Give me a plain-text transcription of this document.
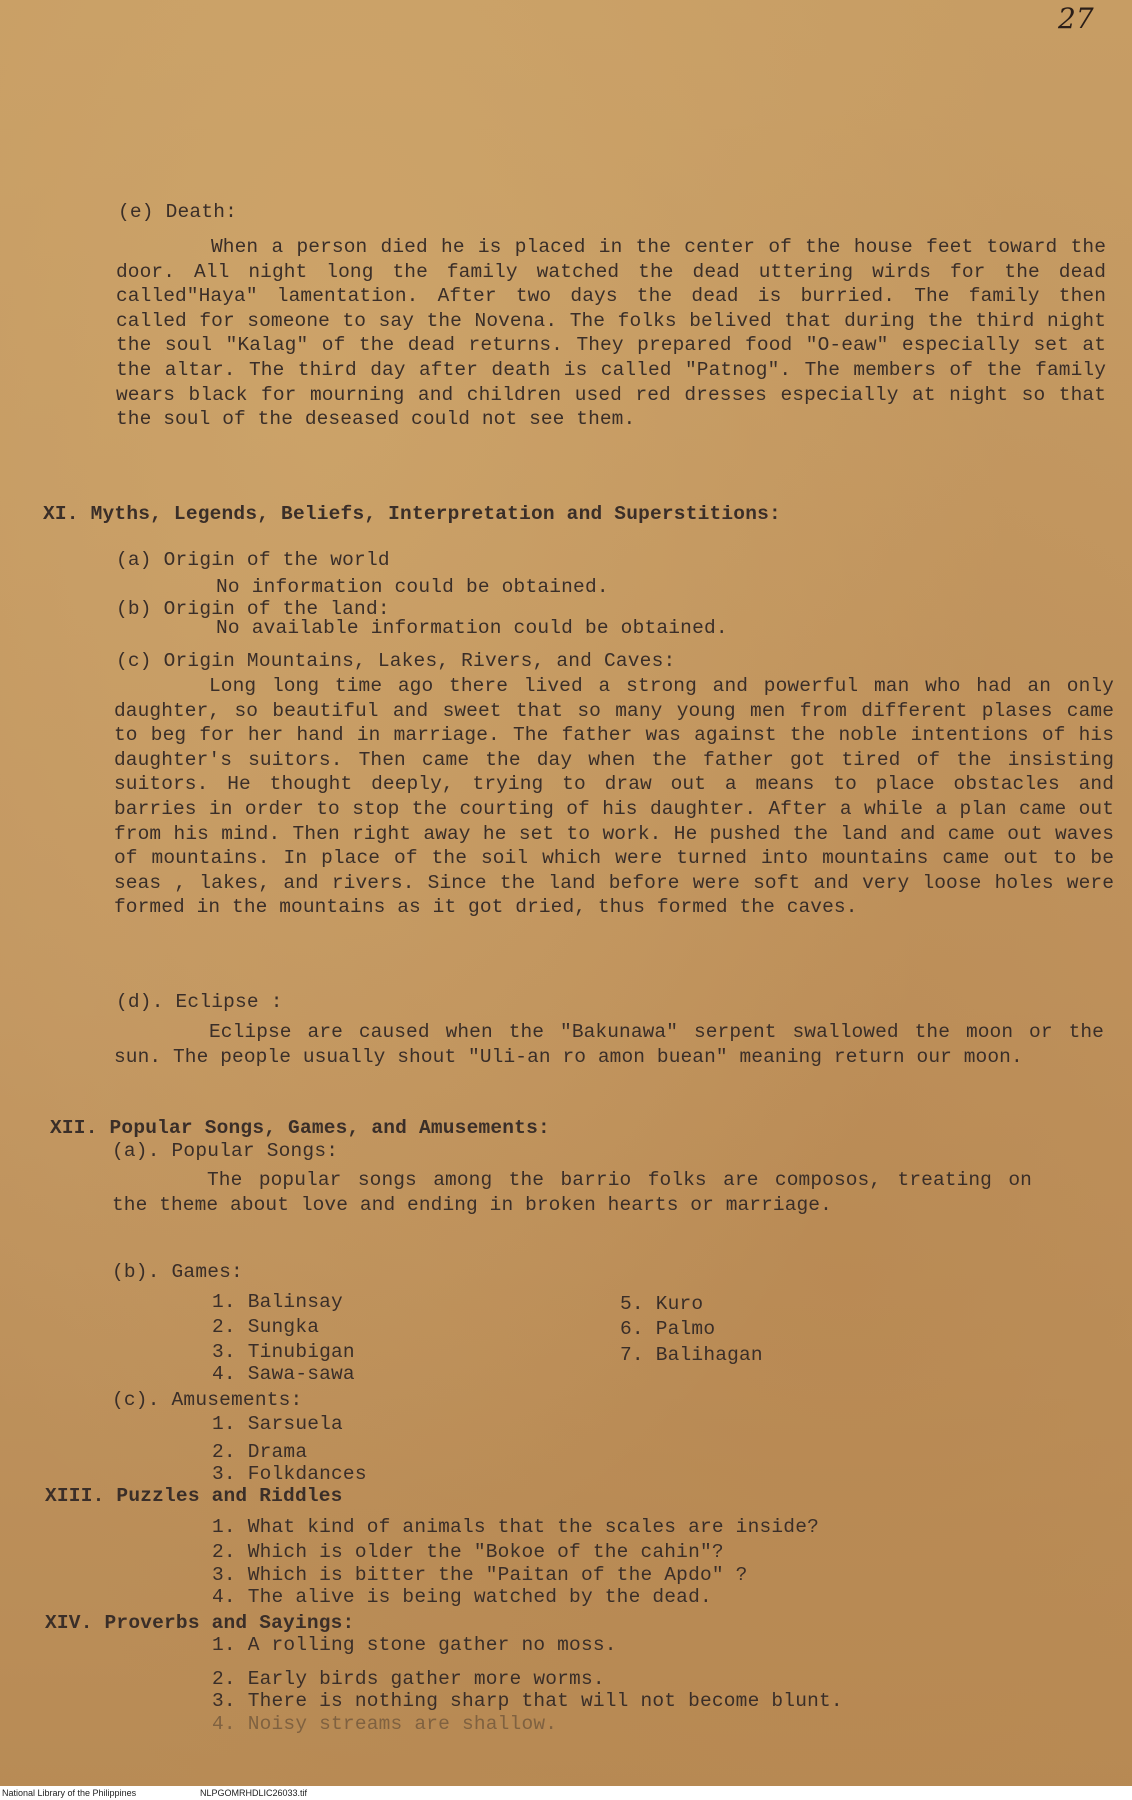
27
(e) Death:
When a person died he is placed in the center of the house feet toward the door. All night long the family watched the dead uttering wirds for the dead called"Haya" lamentation. After two days the dead is burried. The family then called for someone to say the Novena. The folks belived that during the third night the soul "Kalag" of the dead returns. They prepared food "O-eaw" especially set at the altar. The third day after death is called "Patnog". The members of the family wears black for mourning and children used red dresses especially at night so that the soul of the deseased could not see them.
XI. Myths, Legends, Beliefs, Interpretation and Superstitions:
(a) Origin of the world
No information could be obtained.
(b) Origin of the land:
No available information could be obtained.
(c) Origin Mountains, Lakes, Rivers, and Caves:
Long long time ago there lived a strong and powerful man who had an only daughter, so beautiful and sweet that so many young men from different plases came to beg for her hand in marriage. The father was against the noble intentions of his daughter's suitors. Then came the day when the father got tired of the insisting suitors. He thought deeply, trying to draw out a means to place obstacles and barries in order to stop the courting of his daughter. After a while a plan came out from his mind. Then right away he set to work. He pushed the land and came out waves of mountains. In place of the soil which were turned into mountains came out to be seas , lakes, and rivers. Since the land before were soft and very loose holes were formed in the mountains as it got dried, thus formed the caves.
(d). Eclipse :
Eclipse are caused when the "Bakunawa" serpent swallowed the moon or the sun. The people usually shout "Uli-an ro amon buean" meaning return our moon.
XII. Popular Songs, Games, and Amusements:
(a). Popular Songs:
The popular songs among the barrio folks are composos, treating on the theme about love and ending in broken hearts or marriage.
(b). Games:
1. Balinsay
2. Sungka
3. Tinubigan
4. Sawa-sawa
5. Kuro
6. Palmo
7. Balihagan
(c). Amusements:
1. Sarsuela
2. Drama
3. Folkdances
XIII. Puzzles and Riddles
1. What kind of animals that the scales are inside?
2. Which is older the "Bokoe of the cahin"?
3. Which is bitter the "Paitan of the Apdo" ?
4. The alive is being watched by the dead.
XIV. Proverbs and Sayings:
1. A rolling stone gather no moss.
2. Early birds gather more worms.
3. There is nothing sharp that will not become blunt.
4. Noisy streams are shallow.
National Library of the Philippines	NLPGOMRHDLIC26033.tif
